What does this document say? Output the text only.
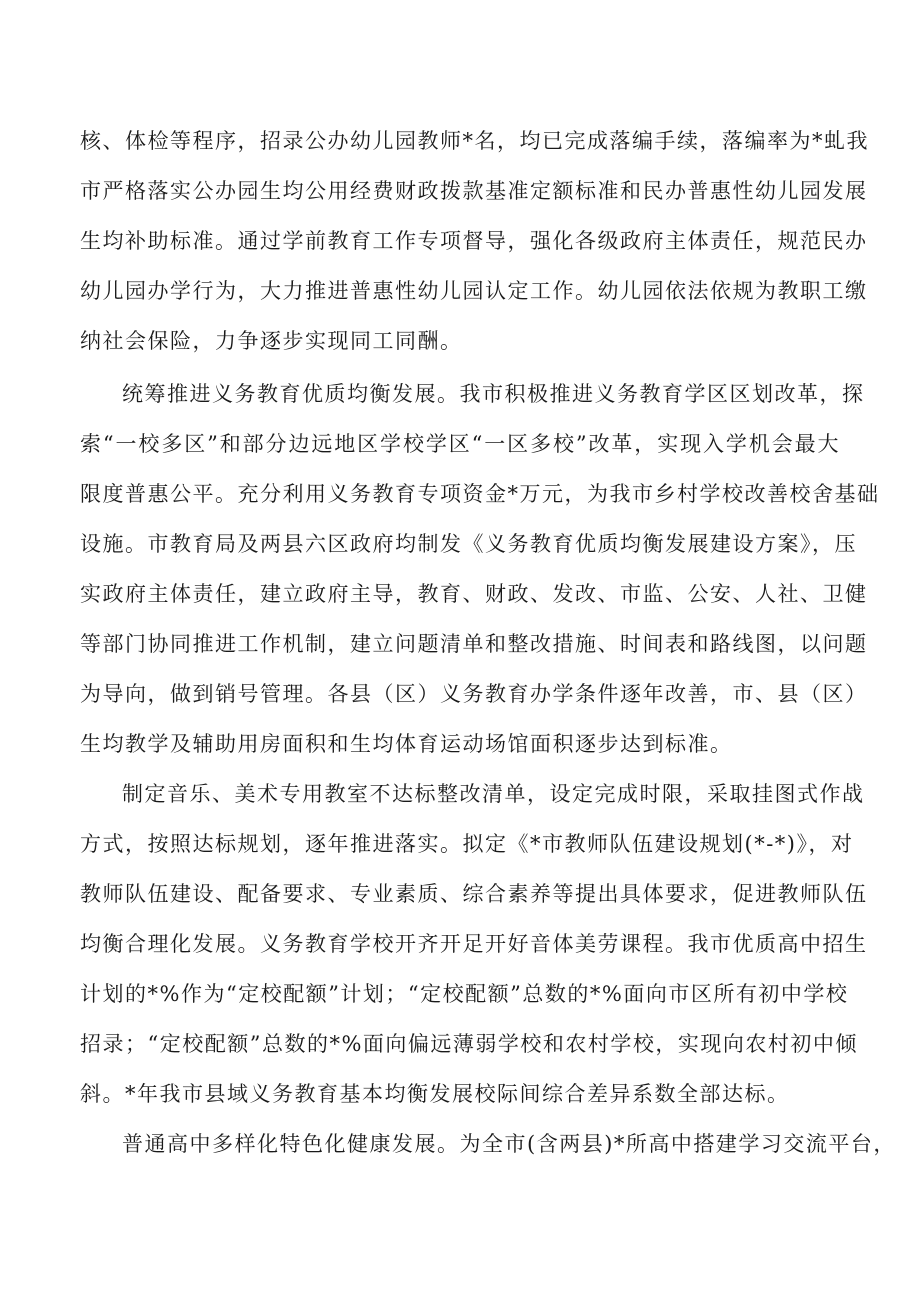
核、体检等程序，招录公办幼儿园教师*名，均已完成落编手续，落编率为*虬我
市严格落实公办园生均公用经费财政拨款基准定额标准和民办普惠性幼儿园发展
生均补助标准。通过学前教育工作专项督导，强化各级政府主体责任，规范民办
幼儿园办学行为，大力推进普惠性幼儿园认定工作。幼儿园依法依规为教职工缴
纳社会保险，力争逐步实现同工同酬。
统筹推进义务教育优质均衡发展。我市积极推进义务教育学区区划改革，探
索“一校多区”和部分边远地区学校学区“一区多校”改革，实现入学机会最大
限度普惠公平。充分利用义务教育专项资金*万元，为我市乡村学校改善校舍基础
设施。市教育局及两县六区政府均制发《义务教育优质均衡发展建设方案》，压
实政府主体责任，建立政府主导，教育、财政、发改、市监、公安、人社、卫健
等部门协同推进工作机制，建立问题清单和整改措施、时间表和路线图，以问题
为导向，做到销号管理。各县（区）义务教育办学条件逐年改善，市、县（区）
生均教学及辅助用房面积和生均体育运动场馆面积逐步达到标准。
制定音乐、美术专用教室不达标整改清单，设定完成时限，采取挂图式作战
方式，按照达标规划，逐年推进落实。拟定《*市教师队伍建设规划(*-*)》，对
教师队伍建设、配备要求、专业素质、综合素养等提出具体要求，促进教师队伍
均衡合理化发展。义务教育学校开齐开足开好音体美劳课程。我市优质高中招生
计划的*%作为“定校配额”计划；“定校配额”总数的*%面向市区所有初中学校
招录；“定校配额”总数的*%面向偏远薄弱学校和农村学校，实现向农村初中倾
斜。*年我市县域义务教育基本均衡发展校际间综合差异系数全部达标。
普通高中多样化特色化健康发展。为全市(含两县)*所高中搭建学习交流平台，
